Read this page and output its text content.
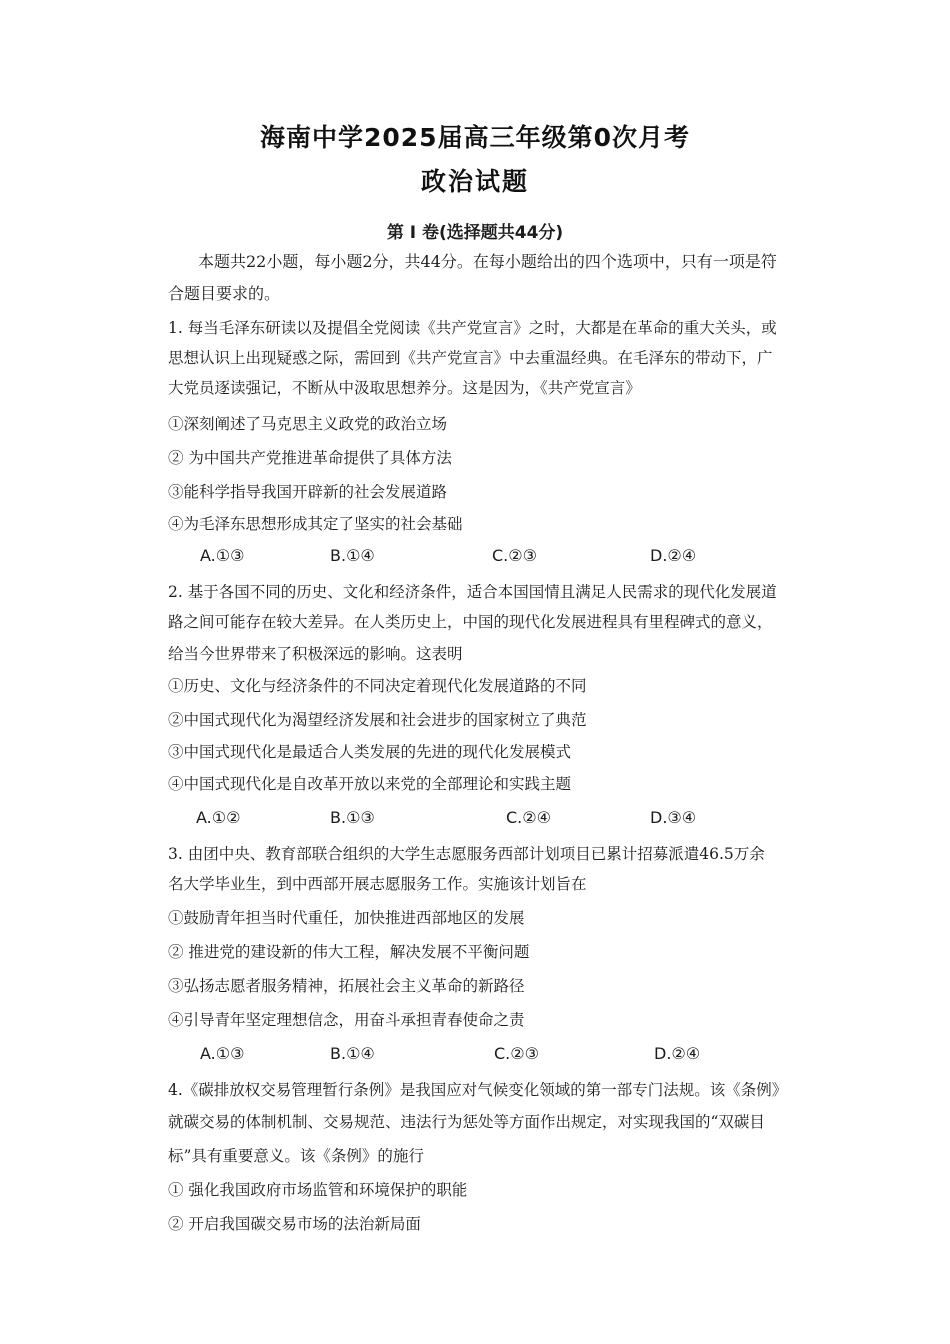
海南中学2025届高三年级第0次月考
政治试题
第 Ⅰ 卷(选择题共44分)
本题共22小题，每小题2分，共44分。在每小题给出的四个选项中，只有一项是符
合题目要求的。
1. 每当毛泽东研读以及提倡全党阅读《共产党宣言》之时，大都是在革命的重大关头，或
思想认识上出现疑惑之际，需回到《共产党宣言》中去重温经典。在毛泽东的带动下，广
大党员逐读强记，不断从中汲取思想养分。这是因为，《共产党宣言》
①深刻阐述了马克思主义政党的政治立场
② 为中国共产党推进革命提供了具体方法
③能科学指导我国开辟新的社会发展道路
④为毛泽东思想形成其定了坚实的社会基础
A.①③	B.①④	C.②③	D.②④
2. 基于各国不同的历史、文化和经济条件，适合本国国情且满足人民需求的现代化发展道
路之间可能存在较大差异。在人类历史上，中国的现代化发展进程具有里程碑式的意义，
给当今世界带来了积极深远的影响。这表明
①历史、文化与经济条件的不同决定着现代化发展道路的不同
②中国式现代化为渴望经济发展和社会进步的国家树立了典范
③中国式现代化是最适合人类发展的先进的现代化发展模式
④中国式现代化是自改革开放以来党的全部理论和实践主题
A.①②	B.①③	C.②④	D.③④
3. 由团中央、教育部联合组织的大学生志愿服务西部计划项目已累计招募派遣46.5万余
名大学毕业生，到中西部开展志愿服务工作。实施该计划旨在
①鼓励青年担当时代重任，加快推进西部地区的发展
② 推进党的建设新的伟大工程，解决发展不平衡问题
③弘扬志愿者服务精神，拓展社会主义革命的新路径
④引导青年坚定理想信念，用奋斗承担青春使命之责
A.①③	B.①④	C.②③	D.②④
4.《碳排放权交易管理暂行条例》是我国应对气候变化领域的第一部专门法规。该《条例》
就碳交易的体制机制、交易规范、违法行为惩处等方面作出规定，对实现我国的“双碳目
标”具有重要意义。该《条例》的施行
① 强化我国政府市场监管和环境保护的职能
② 开启我国碳交易市场的法治新局面
